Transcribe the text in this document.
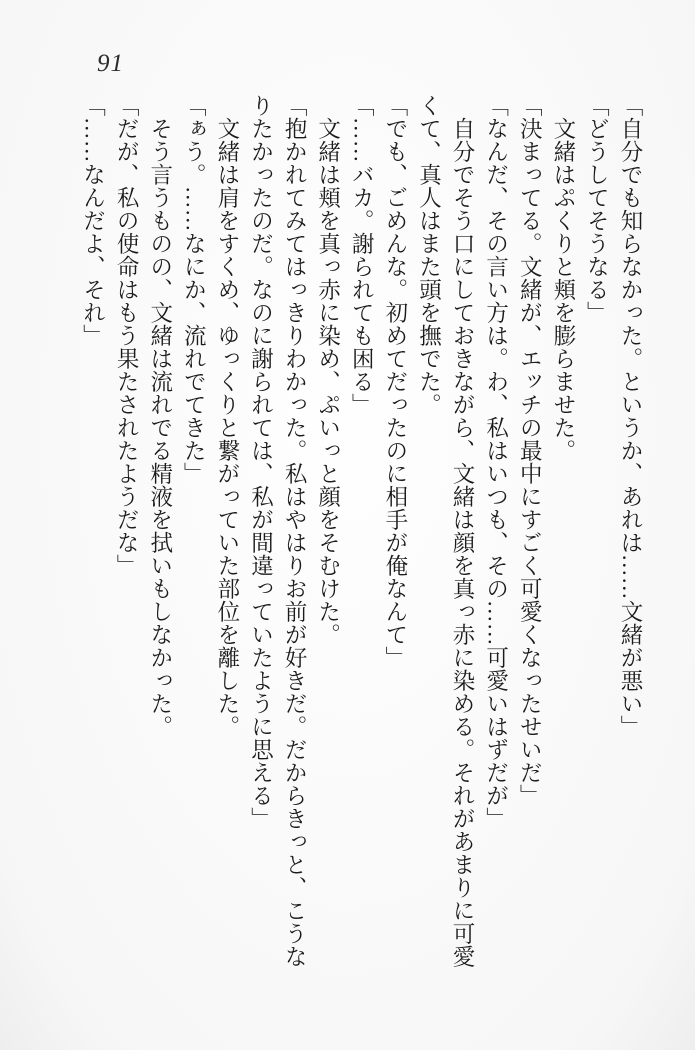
91

「自分でも知らなかった。というか、あれは……文緒が悪い」

「どうしてそうなる」

文緒はぷくりと頬を膨らませた。

「決まってる。文緒が、エッチの最中にすごく可愛くなったせいだ」

「なんだ、その言い方は。わ、私はいつも、その……可愛いはずだが」

自分でそう口にしておきながら、文緒は顔を真っ赤に染める。それがあまりに可愛

くて、真人はまた頭を撫でた。

「でも、ごめんな。初めてだったのに相手が俺なんて」

「……バカ。謝られても困る」

文緒は頬を真っ赤に染め、ぷいっと顔をそむけた。

「抱かれてみてはっきりわかった。私はやはりお前が好きだ。だからきっと、こうな

りたかったのだ。なのに謝られては、私が間違っていたように思える」

文緒は肩をすくめ、ゆっくりと繋がっていた部位を離した。

「ぁう。……なにか、流れでてきた」

そう言うものの、文緒は流れでる精液を拭いもしなかった。

「だが、私の使命はもう果たされたようだな」

「……なんだよ、それ」
